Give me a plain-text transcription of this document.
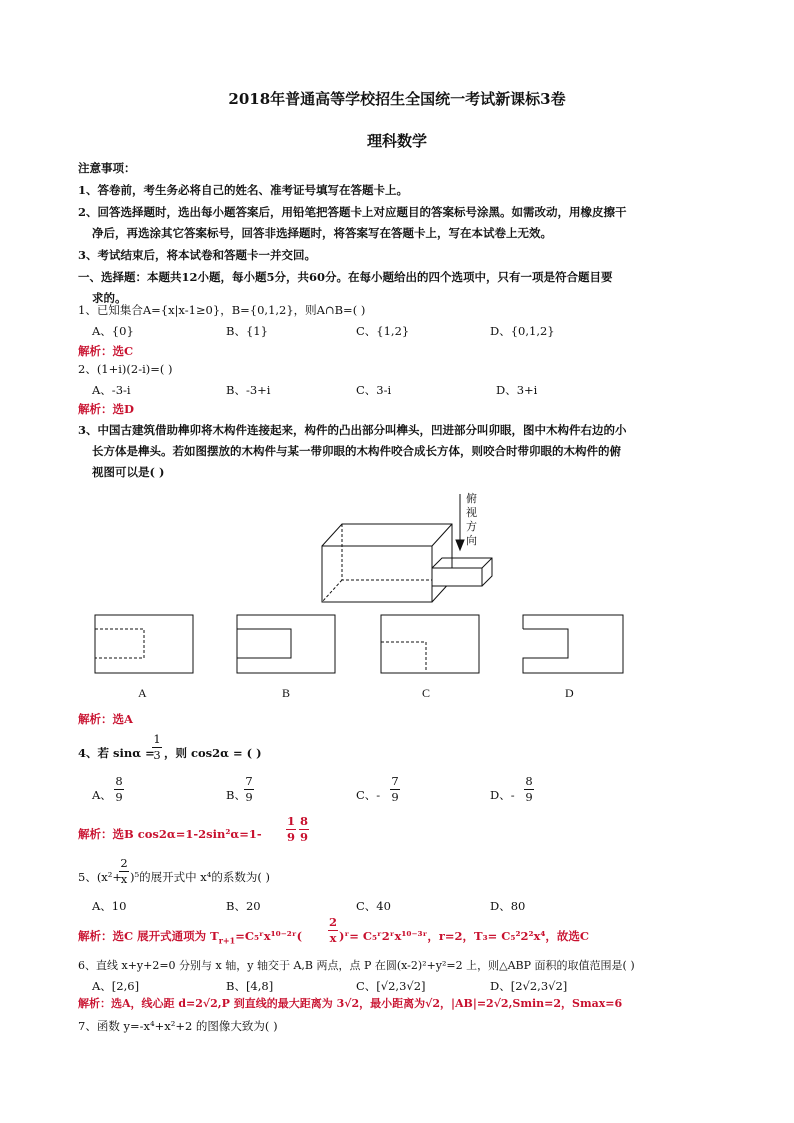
2018年普通高等学校招生全国统一考试新课标3卷
理科数学
注意事项：
1、答卷前，考生务必将自己的姓名、准考证号填写在答题卡上。
2、回答选择题时，选出每小题答案后，用铅笔把答题卡上对应题目的答案标号涂黑。如需改动，用橡皮擦干
净后，再选涂其它答案标号，回答非选择题时，将答案写在答题卡上，写在本试卷上无效。
3、考试结束后，将本试卷和答题卡一并交回。
一、选择题：本题共12小题，每小题5分，共60分。在每小题给出的四个选项中，只有一项是符合题目要
求的。
1、已知集合A={x|x-1≥0}，B={0,1,2}，则A∩B=( )
A、{0}	B、{1}	C、{1,2}	D、{0,1,2}
解析：选C
2、(1+i)(2-i)=( )
A、-3-i	B、-3+i	C、3-i	D、3+i
解析：选D
3、中国古建筑借助榫卯将木构件连接起来，构件的凸出部分叫榫头，凹进部分叫卯眼，图中木构件右边的小
长方体是榫头。若如图摆放的木构件与某一带卯眼的木构件咬合成长方体，则咬合时带卯眼的木构件的俯
视图可以是( )
俯
视
方
向
A	B	C	D
解析：选A
4、若 sinα =
1
3 ，则 cos2α = ( )
A、
8
9	B、
7
9	C、-
7
9	D、-
8
9
解析：选B cos2α=1-2sin²α=1-
1
9
8
9
5、(x²+
2
x )⁵的展开式中 x⁴的系数为( )
A、10	B、20	C、40	D、80
解析：选C 展开式通项为 $T_{r+1}=C_5ʳx^{10-2}ʳ$(
2
x )ʳ= C₅ʳ2ʳx¹⁰⁻³ʳ，r=2，T₃= C₅²2²x⁴，故选C
6、直线 x+y+2=0 分别与 x 轴，y 轴交于 A,B 两点，点 P 在圆(x-2)²+y²=2 上，则△ABP 面积的取值范围是( )
A、[2,6]	B、[4,8]	C、[√2,3√2]	D、[2√2,3√2]
解析：选A，线心距 d=2√2,P 到直线的最大距离为 3√2，最小距离为√2，|AB|=2√2,Smin=2，Smax=6
7、函数 y=-x⁴+x²+2 的图像大致为( )
